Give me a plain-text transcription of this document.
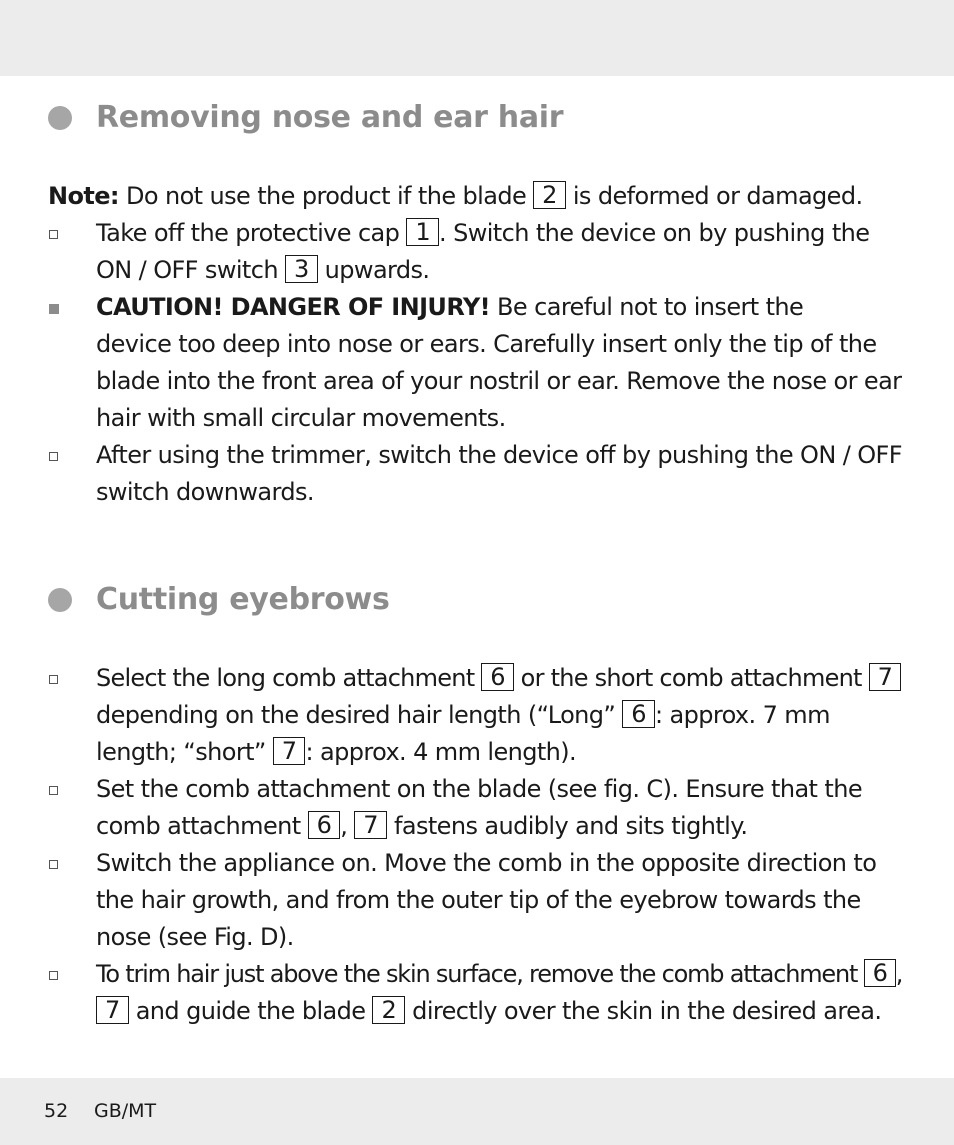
Removing nose and ear hair
Note: Do not use the product if the blade 2 is deformed or damaged.
Take off the protective cap 1 . Switch the device on by pushing the
ON / OFF switch 3 upwards.
CAUTION! DANGER OF INJURY! Be careful not to insert the
device too deep into nose or ears. Carefully insert only the tip of the
blade into the front area of your nostril or ear. Remove the nose or ear
hair with small circular movements.
After using the trimmer, switch the device off by pushing the ON / OFF
switch downwards.
Cutting eyebrows
Select the long comb attachment 6 or the short comb attachment 7
depending on the desired hair length (“Long” 6 : approx. 7 mm
length; “short” 7 : approx. 4 mm length).
Set the comb attachment on the blade (see fig. C). Ensure that the
comb attachment 6 , 7 fastens audibly and sits tightly.
Switch the appliance on. Move the comb in the opposite direction to
the hair growth, and from the outer tip of the eyebrow towards the
nose (see Fig. D).
To trim hair just above the skin surface, remove the comb attachment 6 ,
7 and guide the blade 2 directly over the skin in the desired area.
52 GB/MT
